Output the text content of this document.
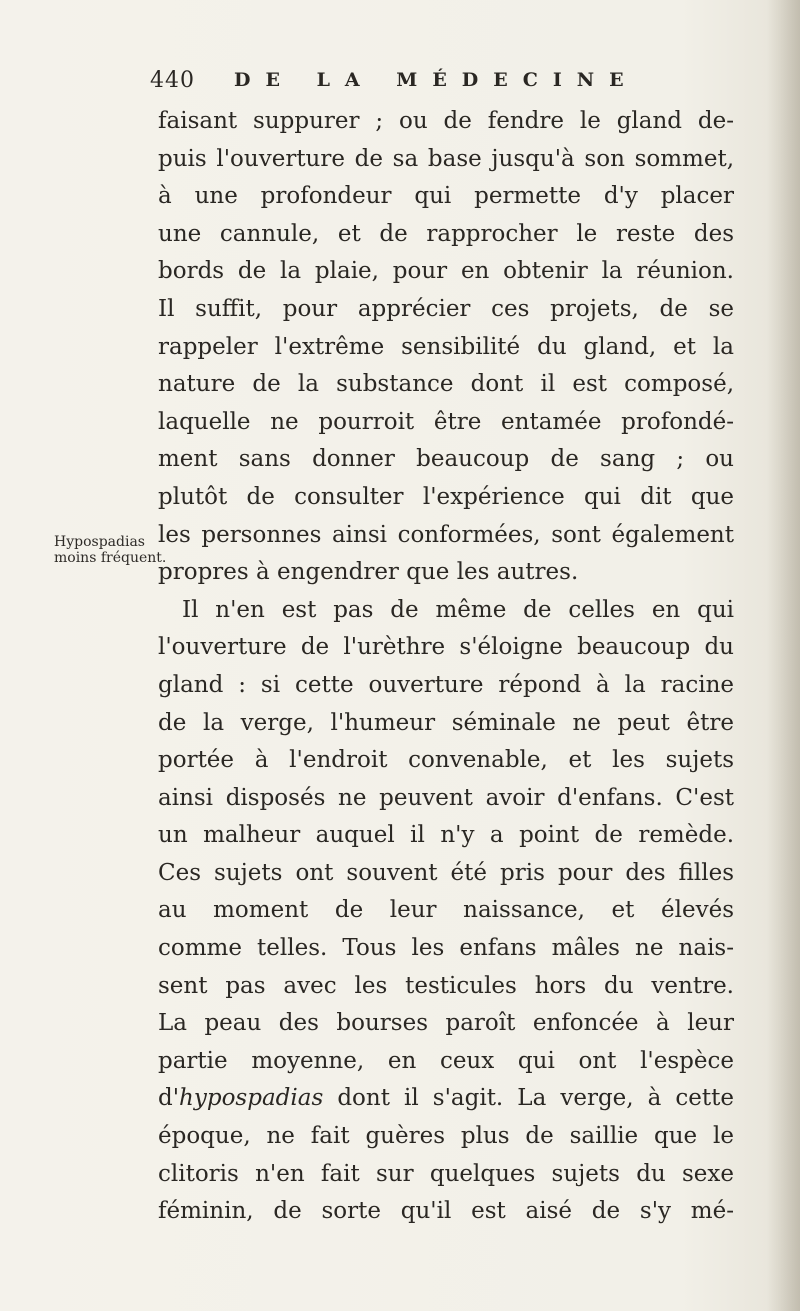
440 DE LA MÉDECINE
Hypospadias
moins fréquent.
faisant suppurer ; ou de fendre le gland de-
puis l'ouverture de sa base jusqu'à son sommet,
à une profondeur qui permette d'y placer
une cannule, et de rapprocher le reste des
bords de la plaie, pour en obtenir la réunion.
Il suffit, pour apprécier ces projets, de se
rappeler l'extrême sensibilité du gland, et la
nature de la substance dont il est composé,
laquelle ne pourroit être entamée profondé-
ment sans donner beaucoup de sang ; ou
plutôt de consulter l'expérience qui dit que
les personnes ainsi conformées, sont également
propres à engendrer que les autres.
Il n'en est pas de même de celles en qui
l'ouverture de l'urèthre s'éloigne beaucoup du
gland : si cette ouverture répond à la racine
de la verge, l'humeur séminale ne peut être
portée à l'endroit convenable, et les sujets
ainsi disposés ne peuvent avoir d'enfans. C'est
un malheur auquel il n'y a point de remède.
Ces sujets ont souvent été pris pour des filles
au moment de leur naissance, et élevés
comme telles. Tous les enfans mâles ne nais-
sent pas avec les testicules hors du ventre.
La peau des bourses paroît enfoncée à leur
partie moyenne, en ceux qui ont l'espèce
d'hypospadias dont il s'agit. La verge, à cette
époque, ne fait guères plus de saillie que le
clitoris n'en fait sur quelques sujets du sexe
féminin, de sorte qu'il est aisé de s'y mé-
